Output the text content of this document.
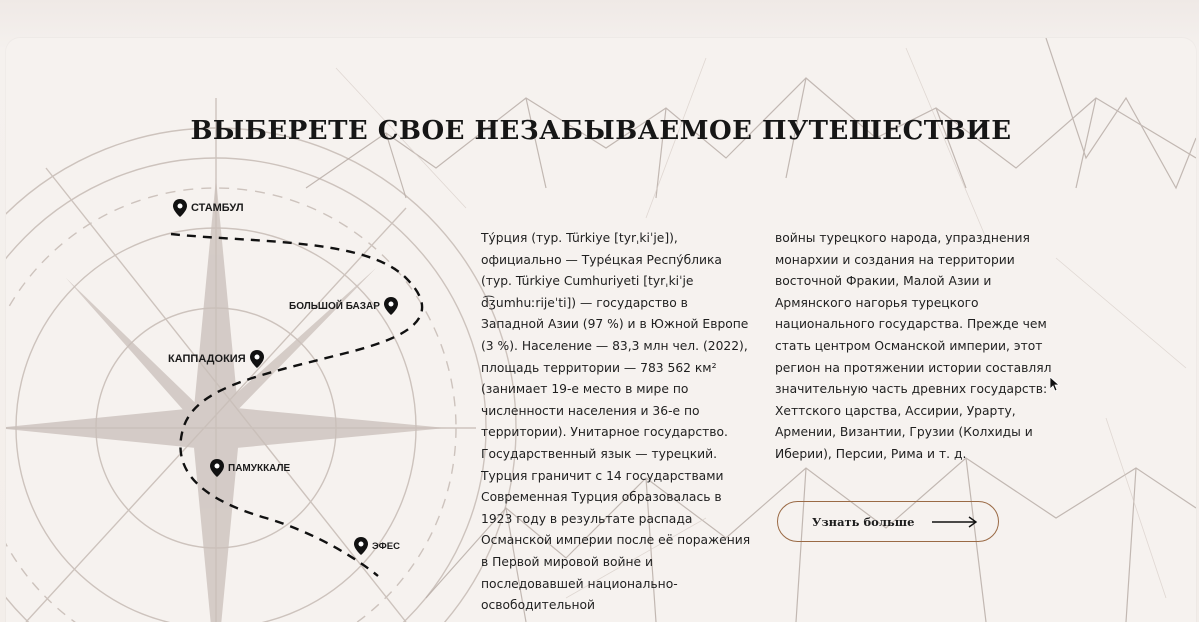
ВЫБЕРЕТЕ СВОЕ НЕЗАБЫВАЕМОЕ ПУТЕШЕСТВИЕ
СТАМБУЛ
БОЛЬШОЙ БАЗАР
КАППАДОКИЯ
ПАМУККАЛЕ
ЭФЕС

Ту́рция (тур. Türkiye [tyrˌkiˈje]), официально — Туре́цкая Респу́блика (тур. Türkiye Cumhuriyeti [tyrˌkiˈje d͡ʒumhuːrijeˈti]) — государство в Западной Азии (97 %) и в Южной Европе (3 %). Население — 83,3 млн чел. (2022), площадь территории — 783 562 км² (занимает 19-е место в мире по численности населения и 36-е по территории). Унитарное государство. Государственный язык — турецкий. Турция граничит с 14 государствами Современная Турция образовалась в 1923 году в результате распада Османской империи после её поражения в Первой мировой войне и последовавшей национально-освободительной

войны турецкого народа, упразднения монархии и создания на территории восточной Фракии, Малой Азии и Армянского нагорья турецкого национального государства. Прежде чем стать центром Османской империи, этот регион на протяжении истории составлял значительную часть древних государств: Хеттского царства, Ассирии, Урарту, Армении, Византии, Грузии (Колхиды и Иберии), Персии, Рима и т. д.

Узнать больше
